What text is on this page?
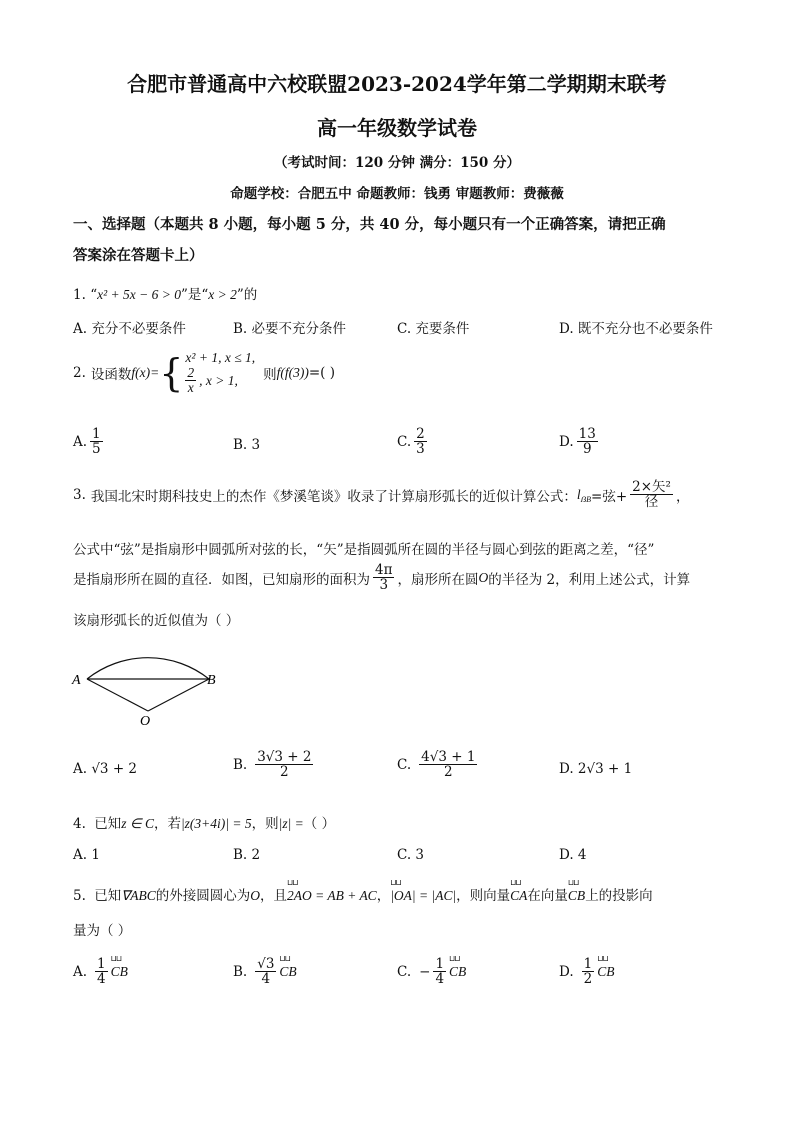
合肥市普通高中六校联盟2023-2024学年第二学期期末联考
高一年级数学试卷
（考试时间：120 分钟 满分：150 分）
命题学校：合肥五中 命题教师：钱勇 审题教师：费薇薇
一、选择题（本题共 8 小题，每小题 5 分，共 40 分，每小题只有一个正确答案，请把正确
答案涂在答题卡上）
1. “x² + 5x − 6 > 0”是“x > 2”的
A. 充分不必要条件	B. 必要不充分条件	C. 充要条件	D. 既不充分也不必要条件
2. 设函数 f(x)= { x² + 1, x ≤ 1,
$\frac{2}{x}$ , x > 1, 则 f(f(3)) =( )
A. $\frac{1}{5}$	B. 3	C. $\frac{2}{3}$	D. $\frac{13}{9}$
3. 我国北宋时期科技史上的杰作《梦溪笔谈》收录了计算扇形弧长的近似计算公式： l ẞB =弦+ $\frac{\text{2×矢²}}{\text{径}}$ ，
公式中“弦”是指扇形中圆弧所对弦的长，“矢”是指圆弧所在圆的半径与圆心到弦的距离之差，“径”
是指扇形所在圆的直径．如图，已知扇形的面积为 $\frac{4\pi}{3}$ ，扇形所在圆 O 的半径为 2，利用上述公式，计算
该扇形弧长的近似值为（ ）
A	B
O
A. √3 + 2	B. $\frac{3√3 + 2}{2}$	C. $\frac{4√3 + 1}{2}$	D. 2√3 + 1
4. 已知z ∈ C，若|z(3+4i)| = 5，则|z| =（ ）
A. 1	B. 2	C. 3	D. 4
5. 已知∇ABC的外接圆圆心为O，且⊔⊔ 2AO = AB + AC，⊔⊔ |OA| = |AC|，则向量⊔⊔ CA在向量⊔⊔ CB上的投影向
量为（ ）
A. $\frac{1}{4}$ ⊔⊔ CB	B. $\frac{√3}{4}$ ⊔⊔ CB	C. − $\frac{1}{4}$ ⊔⊔ CB	D. $\frac{1}{2}$ ⊔⊔ CB
